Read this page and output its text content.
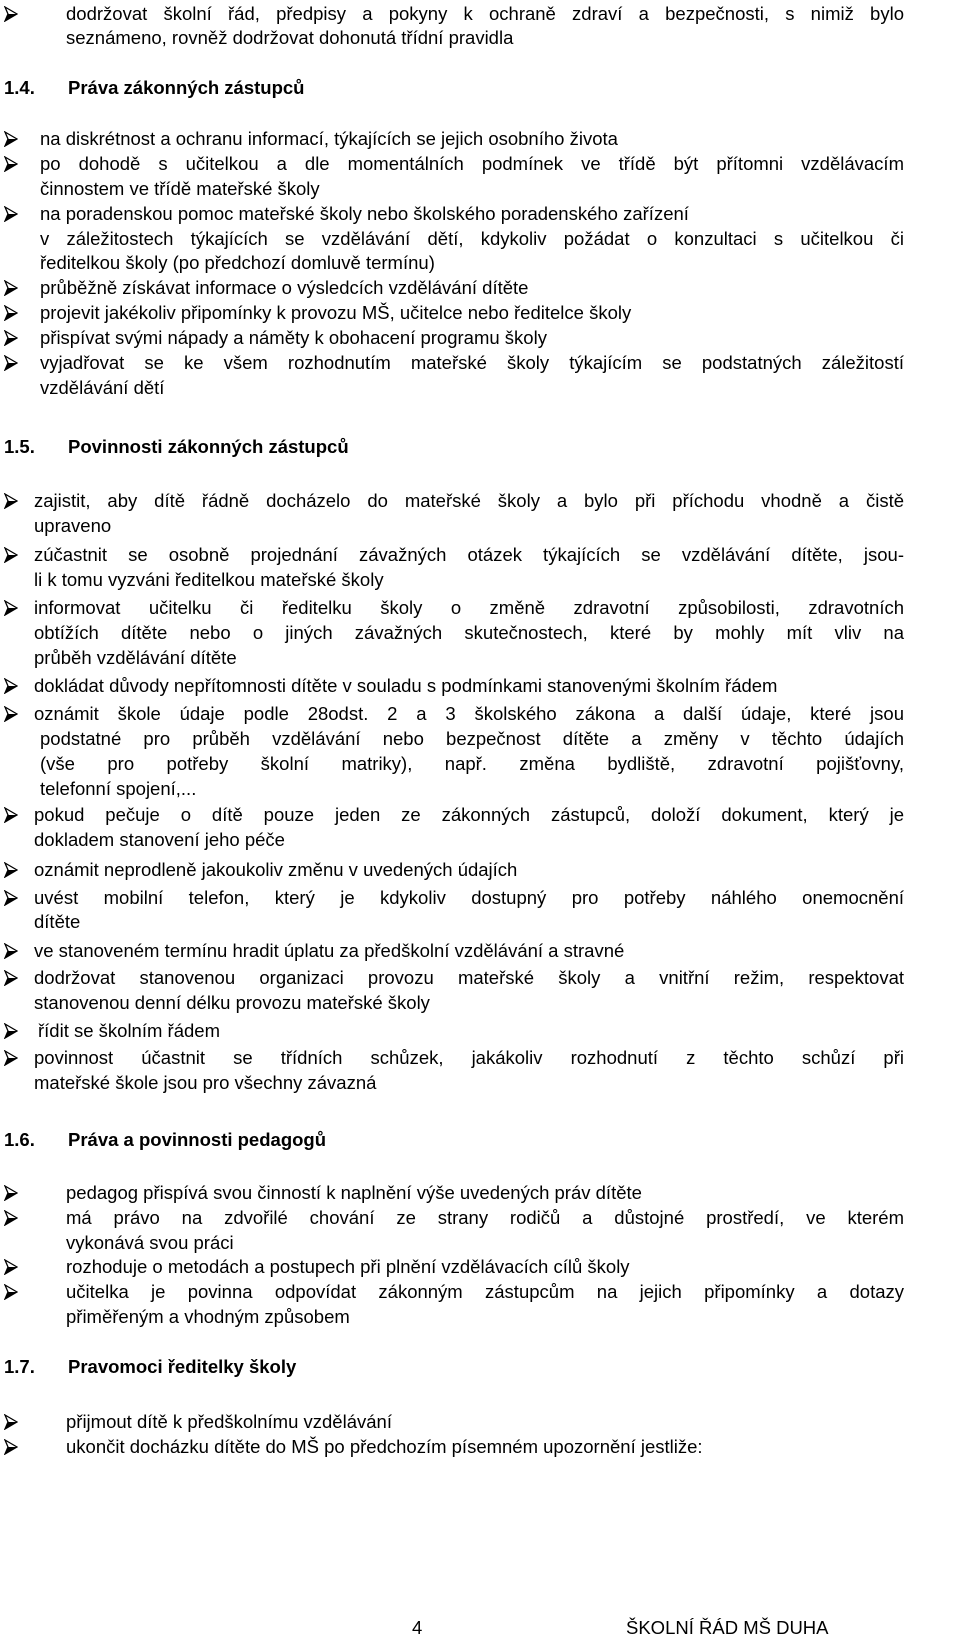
dodržovat školní řád, předpisy a pokyny k ochraně zdraví a bezpečnosti, s nimiž bylo
seznámeno, rovněž dodržovat dohonutá třídní pravidla
1.4. Práva zákonných zástupců
na diskrétnost a ochranu informací, týkajících se jejich osobního života
po dohodě s učitelkou a dle momentálních podmínek ve třídě být přítomni vzdělávacím
činnostem ve třídě mateřské školy
na poradenskou pomoc mateřské školy nebo školského poradenského zařízení
v záležitostech týkajících se vzdělávání dětí, kdykoliv požádat o konzultaci s učitelkou či
ředitelkou školy (po předchozí domluvě termínu)
průběžně získávat informace o výsledcích vzdělávání dítěte
projevit jakékoliv připomínky k provozu MŠ, učitelce nebo ředitelce školy
přispívat svými nápady a náměty k obohacení programu školy
vyjadřovat se ke všem rozhodnutím mateřské školy týkajícím se podstatných záležitostí
vzdělávání dětí
1.5. Povinnosti zákonných zástupců
zajistit, aby dítě řádně docházelo do mateřské školy a bylo při příchodu vhodně a čistě
upraveno
zúčastnit se osobně projednání závažných otázek týkajících se vzdělávání dítěte, jsou-
li k tomu vyzváni ředitelkou mateřské školy
informovat učitelku či ředitelku školy o změně zdravotní způsobilosti, zdravotních
obtížích dítěte nebo o jiných závažných skutečnostech, které by mohly mít vliv na
průběh vzdělávání dítěte
dokládat důvody nepřítomnosti dítěte v souladu s podmínkami stanovenými školním řádem
oznámit škole údaje podle 28odst. 2 a 3 školského zákona a další údaje, které jsou
podstatné pro průběh vzdělávání nebo bezpečnost dítěte a změny v těchto údajích
(vše pro potřeby školní matriky), např. změna bydliště, zdravotní pojišťovny,
telefonní spojení,...
pokud pečuje o dítě pouze jeden ze zákonných zástupců, doloží dokument, který je
dokladem stanovení jeho péče
oznámit neprodleně jakoukoliv změnu v uvedených údajích
uvést mobilní telefon, který je kdykoliv dostupný pro potřeby náhlého onemocnění
dítěte
ve stanoveném termínu hradit úplatu za předškolní vzdělávání a stravné
dodržovat stanovenou organizaci provozu mateřské školy a vnitřní režim, respektovat
stanovenou denní délku provozu mateřské školy
řídit se školním řádem
povinnost účastnit se třídních schůzek, jakákoliv rozhodnutí z těchto schůzí při
mateřské škole jsou pro všechny závazná
1.6. Práva a povinnosti pedagogů
pedagog přispívá svou činností k naplnění výše uvedených práv dítěte
má právo na zdvořilé chování ze strany rodičů a důstojné prostředí, ve kterém
vykonává svou práci
rozhoduje o metodách a postupech při plnění vzdělávacích cílů školy
učitelka je povinna odpovídat zákonným zástupcům na jejich připomínky a dotazy
přiměřeným a vhodným způsobem
1.7. Pravomoci ředitelky školy
přijmout dítě k předškolnímu vzdělávání
ukončit docházku dítěte do MŠ po předchozím písemném upozornění jestliže:
4	ŠKOLNÍ ŘÁD MŠ DUHA
